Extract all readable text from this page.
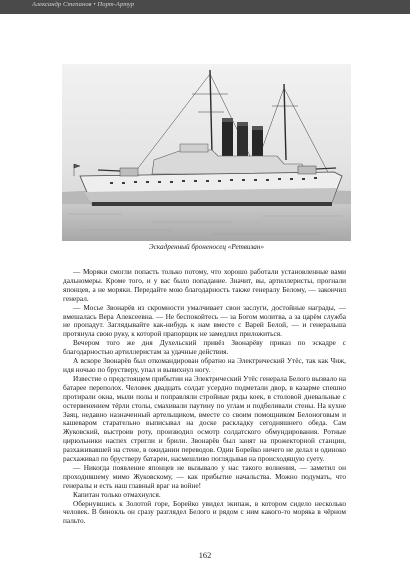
Александр Степанов • Порт-Артур
Эскадренный броненосец «Ретвизан»

— Моряки смогли попасть только потому, что хорошо работали установленные вами дальномеры. Кроме того, и у вас было попадание. Значит, вы, артиллеристы, прогнали японцев, а не моряки. Передайте мою благодарность также генералу Белому, — закончил генерал.

— Мосье Звонарёв из скромности умалчивает свои заслуги, достойные награды, — вмешалась Вера Алексеевна. — Не беспокойтесь — за Богом молитва, а за царём служба не пропадут. Заглядывайте как-нибудь к нам вместе с Варей Белой, — и генеральша протянула свою руку, к которой прапорщик не замедлил приложиться.

Вечером того же дня Духельский привёз Звонарёву приказ по эскадре с благодарностью артиллеристам за удачные действия.

А вскоре Звонарёв был откомандирован обратно на Электрический Утёс, так как Чиж, идя ночью по брустверу, упал и вывихнул ногу.

Известие о предстоящем прибытии на Электрический Утёс генерала Белого вызвало на батарее переполох. Человек двадцать солдат усердно подметали двор, в казарме спешно протирали окна, мыли полы и поправляли стройные ряды коек, в столовой дневальные с остервенением тёрли столы, смахивали паутину по углам и подбеливали стены. На кухне Заяц, недавно назначенный артельщиком, вместе со своим помощником Белоноговым и кашеваром старательно выписывал на доске раскладку сегодняшнего обеда. Сам Жуковский, выстроив роту, производил осмотр солдатского обмундирования. Ротные цирюльники наспех стригли и брили. Звонарёв был занят на прожекторной станции, разхаживавшей на стене, в ожидании переводов. Один Борейко ничего не делал и одиноко расхаживал по брустверу батареи, насмешливо поглядывая на происходящую суету.

— Никогда появление японцев не вызывало у нас такого волнения, — заметил он проходившему мимо Жуковскому, — как прибытие начальства. Можно подумать, что генералы и есть наш главный враг на войне!

Капитан только отмахнулся.

Обернувшись к Золотой горе, Борейко увидел экипаж, в котором сидело несколько человек. В бинокль он сразу разглядел Белого и рядом с ним какого-то моряка в чёрном пальто.

162
